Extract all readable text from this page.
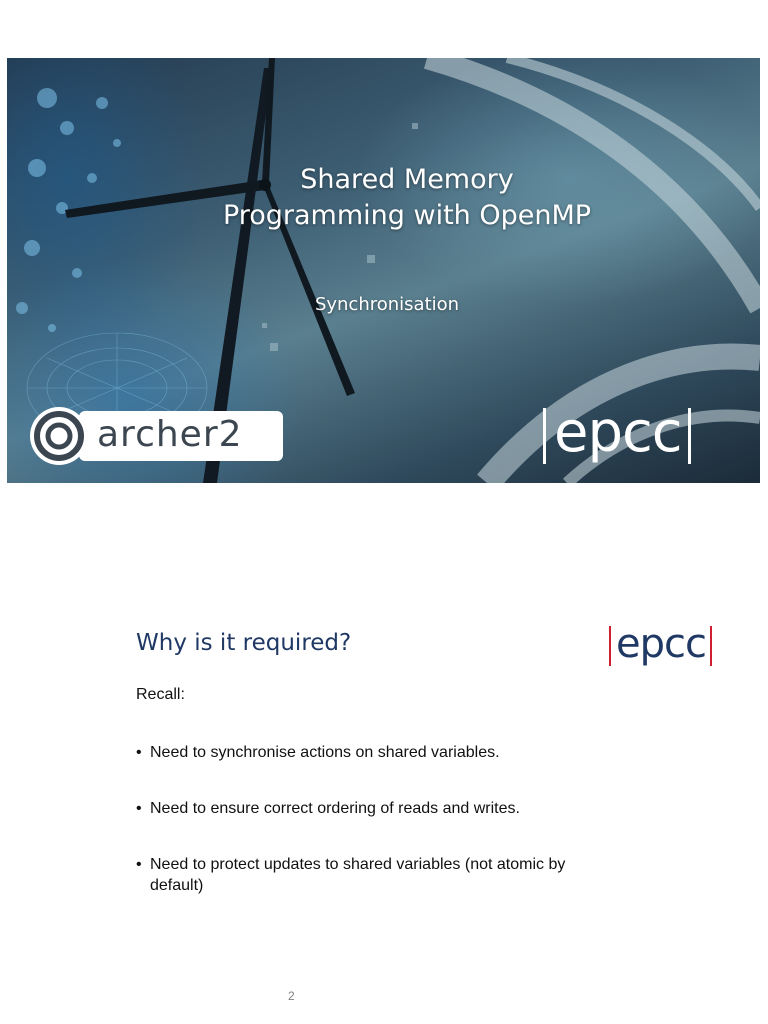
Shared Memory
Programming with OpenMP
Synchronisation
archer2	epcc
Why is it required?	epcc
Recall:
• Need to synchronise actions on shared variables.
• Need to ensure correct ordering of reads and writes.
• Need to protect updates to shared variables (not atomic by default)
2
